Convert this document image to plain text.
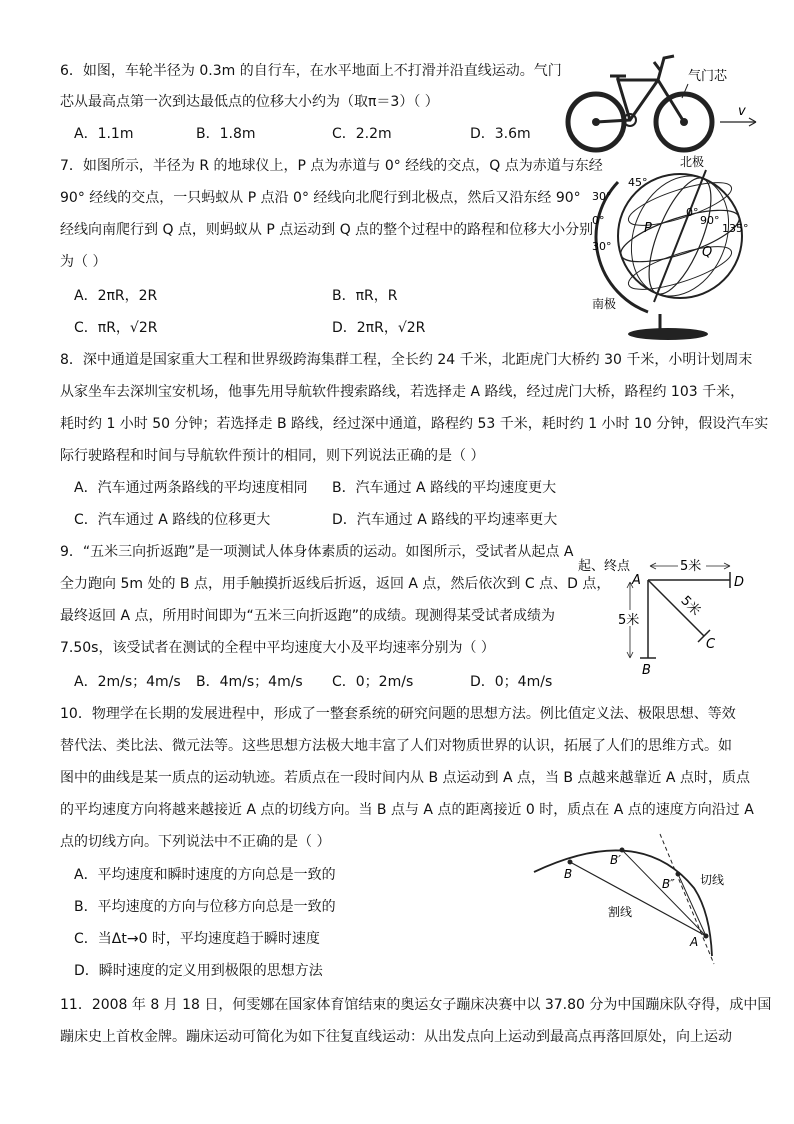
6．如图，车轮半径为 0.3m 的自行车，在水平地面上不打滑并沿直线运动。气门
芯从最高点第一次到达最低点的位移大小约为（取π＝3）（ ）
A．1.1m	B．1.8m	C．2.2m	D．3.6m
气门芯
v
7．如图所示，半径为 R 的地球仪上，P 点为赤道与 0° 经线的交点，Q 点为赤道与东经
90° 经线的交点，一只蚂蚁从 P 点沿 0° 经线向北爬行到北极点，然后又沿东经 90°
经线向南爬行到 Q 点，则蚂蚁从 P 点运动到 Q 点的整个过程中的路程和位移大小分别
为（ ）
A．2πR，2R	B．πR，R
C．πR，√2R	D．2πR，√2R
北极
南极
45°
30°
0°
30°
0°
90°
135°
P
Q
8．深中通道是国家重大工程和世界级跨海集群工程，全长约 24 千米，北距虎门大桥约 30 千米，小明计划周末
从家坐车去深圳宝安机场，他事先用导航软件搜索路线，若选择走 A 路线，经过虎门大桥，路程约 103 千米，
耗时约 1 小时 50 分钟；若选择走 B 路线，经过深中通道，路程约 53 千米，耗时约 1 小时 10 分钟，假设汽车实
际行驶路程和时间与导航软件预计的相同，则下列说法正确的是（ ）
A．汽车通过两条路线的平均速度相同 B．汽车通过 A 路线的平均速度更大
C．汽车通过 A 路线的位移更大	D．汽车通过 A 路线的平均速率更大
9．“五米三向折返跑”是一项测试人体身体素质的运动。如图所示，受试者从起点 A
全力跑向 5m 处的 B 点，用手触摸折返线后折返，返回 A 点，然后依次到 C 点、D 点，
最终返回 A 点，所用时间即为“五米三向折返跑”的成绩。现测得某受试者成绩为
7.50s，该受试者在测试的全程中平均速度大小及平均速率分别为（ ）
A．2m/s；4m/s B．4m/s；4m/s C．0；2m/s	D．0；4m/s
起、终点
A	D
5米
B
5米
C
5米
10．物理学在长期的发展进程中，形成了一整套系统的研究问题的思想方法。例比值定义法、极限思想、等效
替代法、类比法、微元法等。这些思想方法极大地丰富了人们对物质世界的认识，拓展了人们的思维方式。如
图中的曲线是某一质点的运动轨迹。若质点在一段时间内从 B 点运动到 A 点，当 B 点越来越靠近 A 点时，质点
的平均速度方向将越来越接近 A 点的切线方向。当 B 点与 A 点的距离接近 0 时，质点在 A 点的速度方向沿过 A
点的切线方向。下列说法中不正确的是（ ）
A．平均速度和瞬时速度的方向总是一致的
B．平均速度的方向与位移方向总是一致的
C．当Δt→0 时，平均速度趋于瞬时速度
D．瞬时速度的定义用到极限的思想方法
B
B′
B″
A
切线
割线
11．2008 年 8 月 18 日，何雯娜在国家体育馆结束的奥运女子蹦床决赛中以 37.80 分为中国蹦床队夺得，成中国
蹦床史上首枚金牌。蹦床运动可简化为如下往复直线运动：从出发点向上运动到最高点再落回原处，向上运动
